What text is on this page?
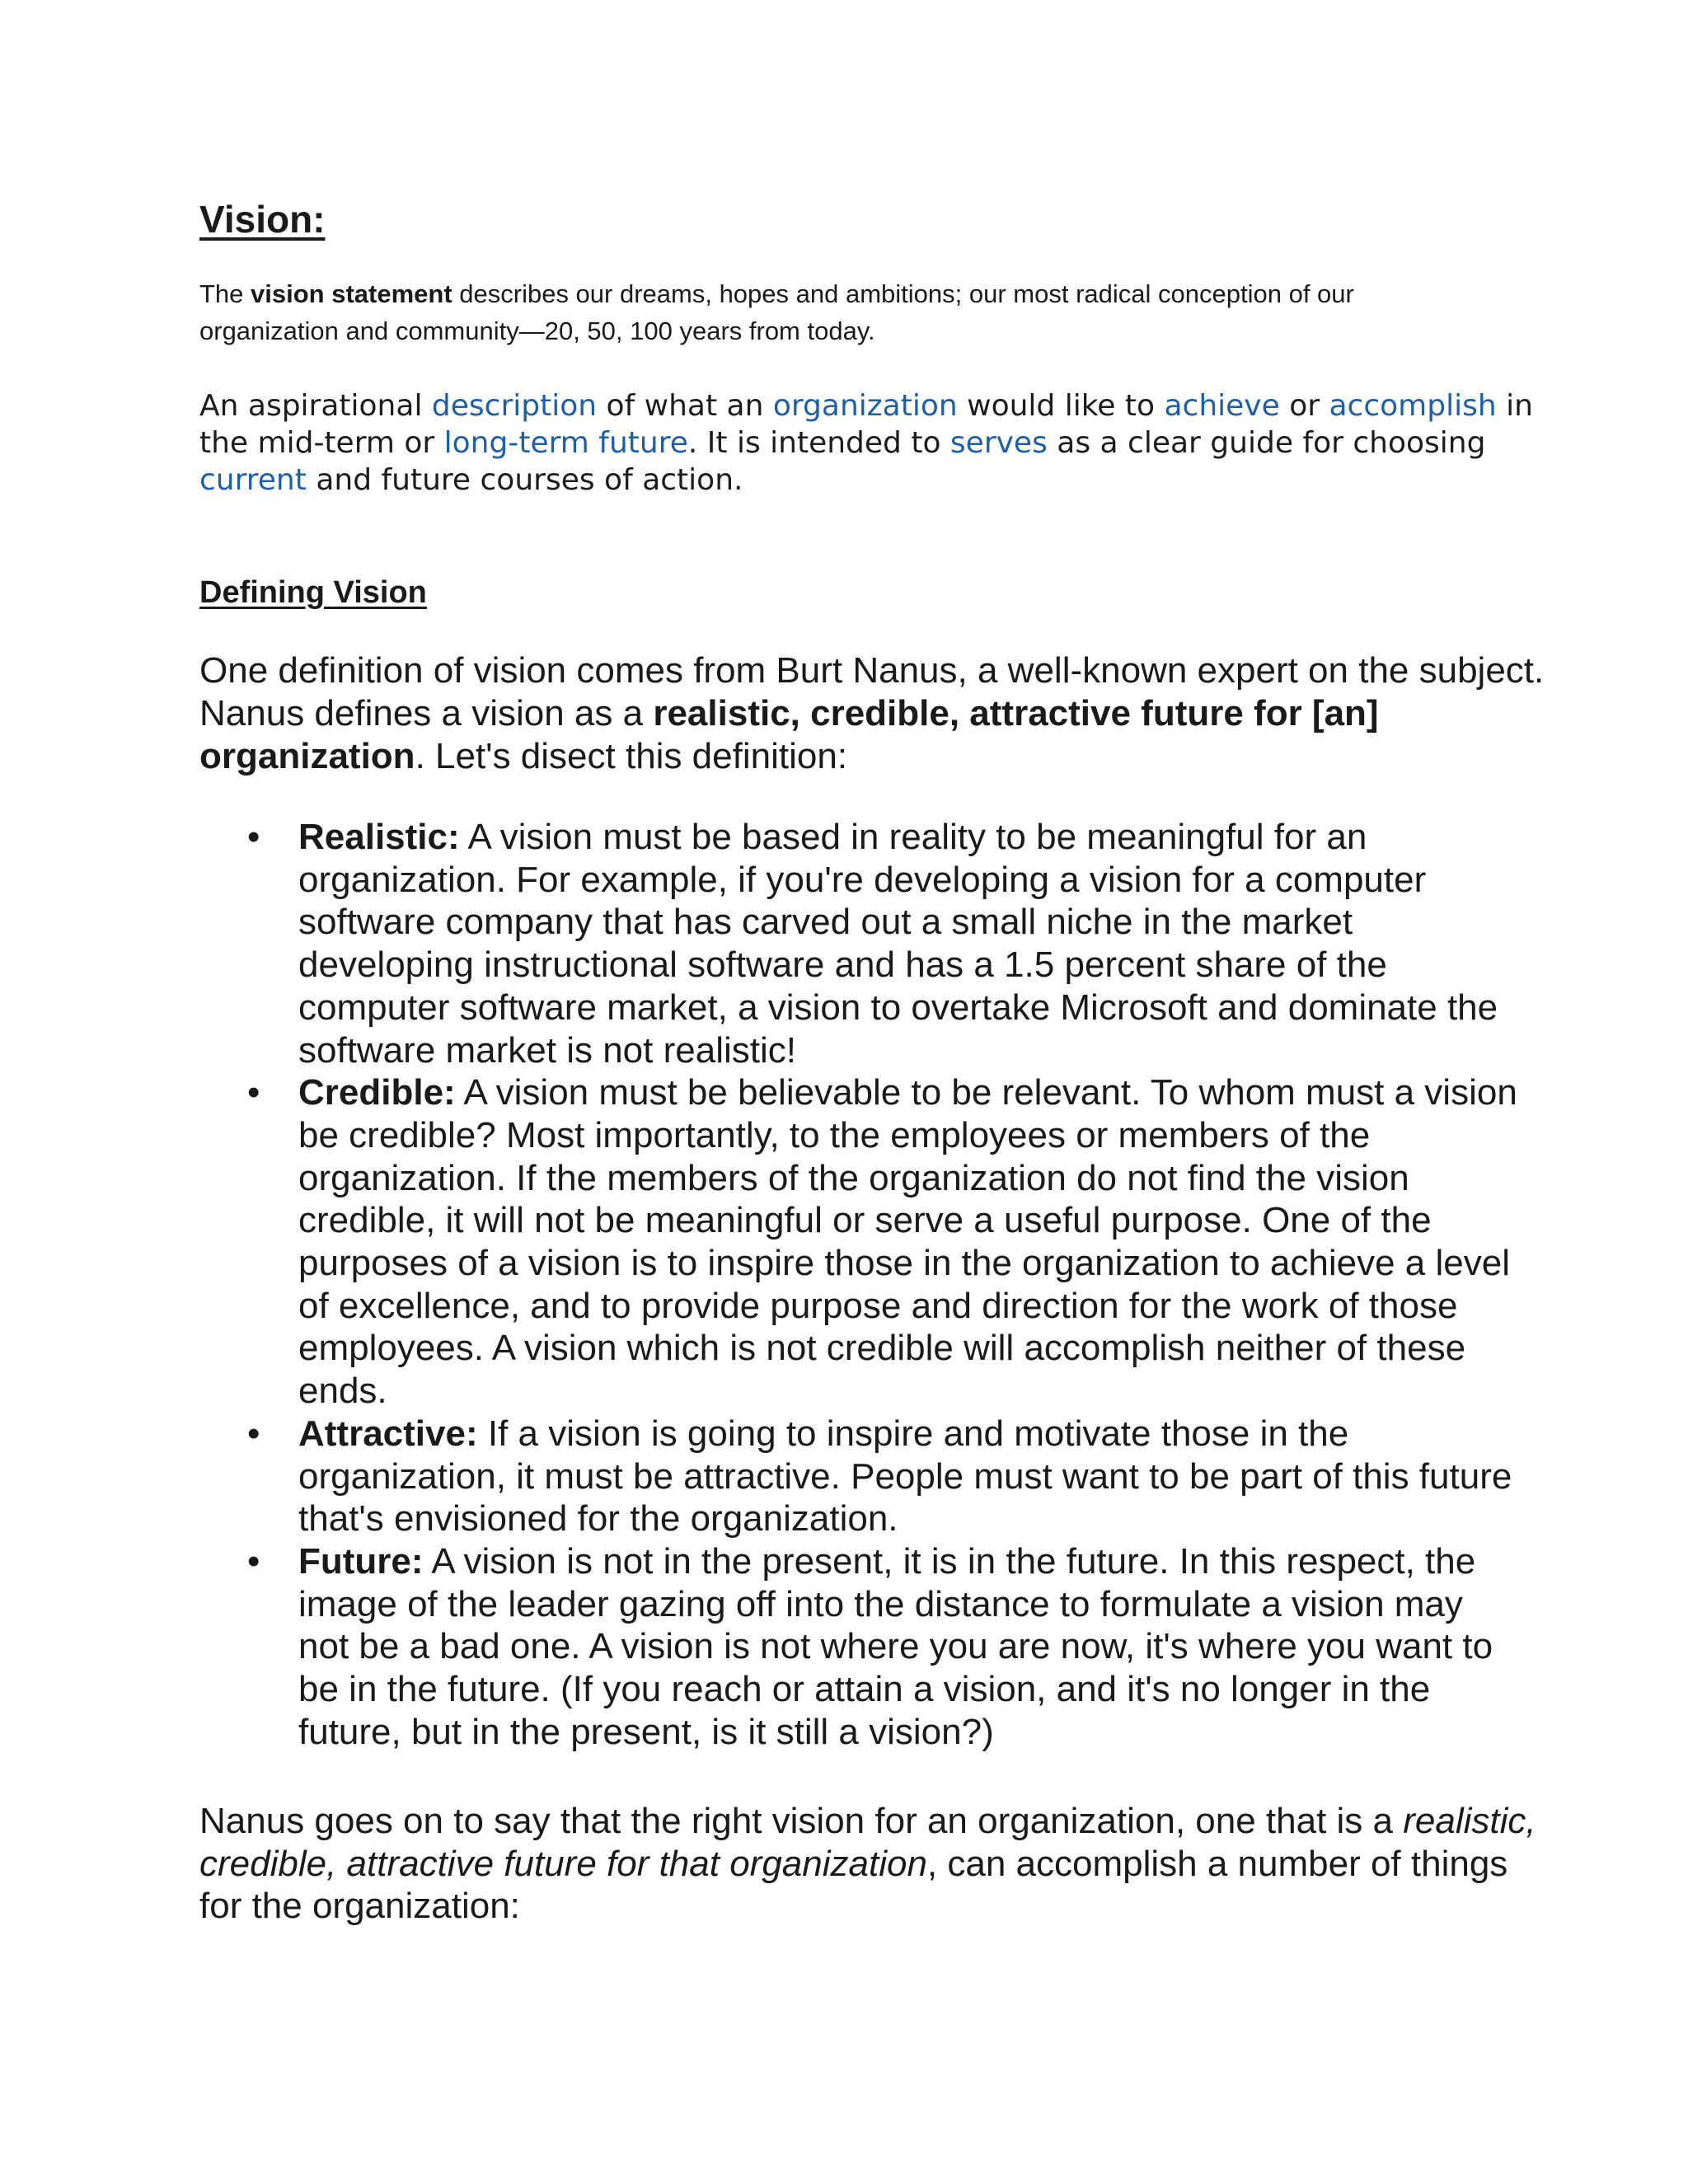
Vision:
The vision statement describes our dreams, hopes and ambitions; our most radical conception of our organization and community—20, 50, 100 years from today.
An aspirational description of what an organization would like to achieve or accomplish in the mid-term or long-term future. It is intended to serves as a clear guide for choosing current and future courses of action.
Defining Vision
One definition of vision comes from Burt Nanus, a well-known expert on the subject. Nanus defines a vision as a realistic, credible, attractive future for [an] organization. Let's disect this definition:
• Realistic: A vision must be based in reality to be meaningful for an organization. For example, if you're developing a vision for a computer software company that has carved out a small niche in the market developing instructional software and has a 1.5 percent share of the computer software market, a vision to overtake Microsoft and dominate the software market is not realistic!
• Credible: A vision must be believable to be relevant. To whom must a vision be credible? Most importantly, to the employees or members of the organization. If the members of the organization do not find the vision credible, it will not be meaningful or serve a useful purpose. One of the purposes of a vision is to inspire those in the organization to achieve a level of excellence, and to provide purpose and direction for the work of those employees. A vision which is not credible will accomplish neither of these ends.
• Attractive: If a vision is going to inspire and motivate those in the organization, it must be attractive. People must want to be part of this future that's envisioned for the organization.
• Future: A vision is not in the present, it is in the future. In this respect, the image of the leader gazing off into the distance to formulate a vision may not be a bad one. A vision is not where you are now, it's where you want to be in the future. (If you reach or attain a vision, and it's no longer in the future, but in the present, is it still a vision?)
Nanus goes on to say that the right vision for an organization, one that is a realistic, credible, attractive future for that organization, can accomplish a number of things for the organization:
